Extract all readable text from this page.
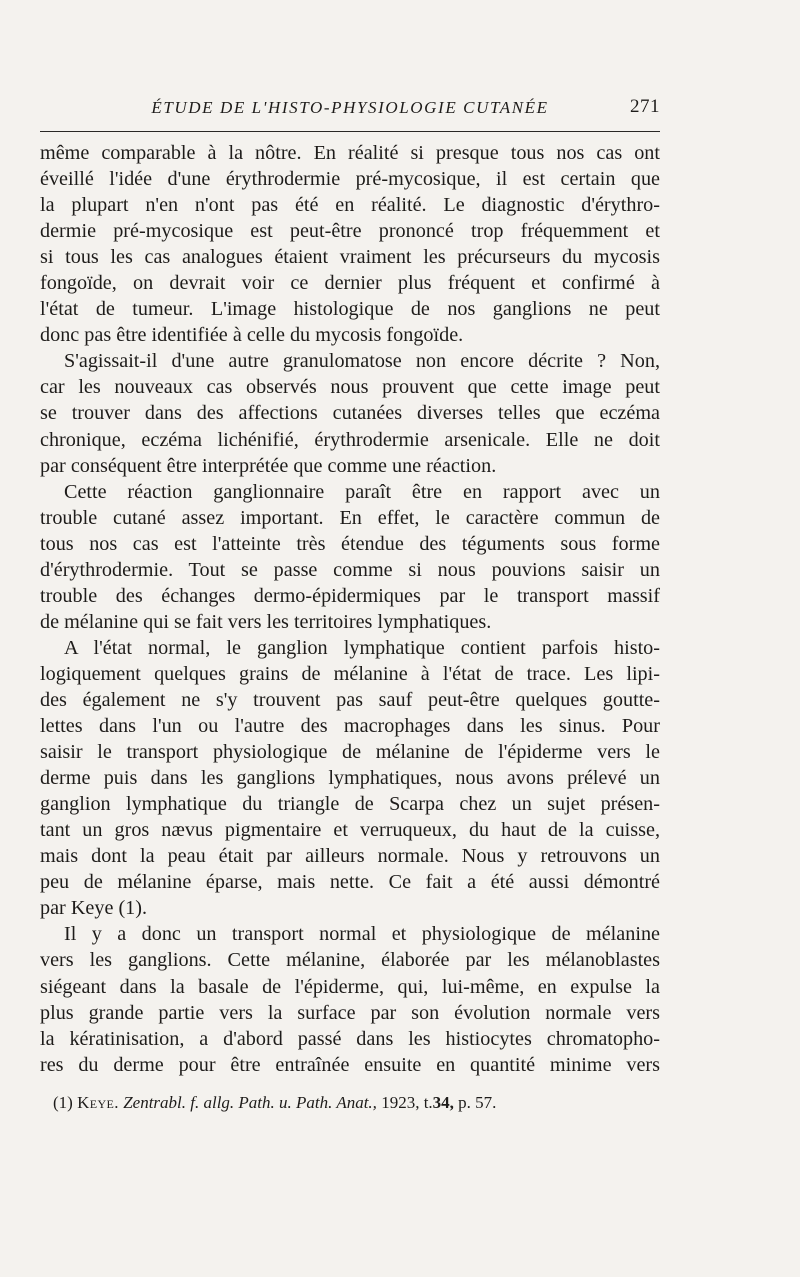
ÉTUDE DE L'HISTO-PHYSIOLOGIE CUTANÉE	271
même comparable à la nôtre. En réalité si presque tous nos cas ont
éveillé l'idée d'une érythrodermie pré-mycosique, il est certain que
la plupart n'en n'ont pas été en réalité. Le diagnostic d'érythro-
dermie pré-mycosique est peut-être prononcé trop fréquemment et
si tous les cas analogues étaient vraiment les précurseurs du mycosis
fongoïde, on devrait voir ce dernier plus fréquent et confirmé à
l'état de tumeur. L'image histologique de nos ganglions ne peut
donc pas être identifiée à celle du mycosis fongoïde.
S'agissait-il d'une autre granulomatose non encore décrite ? Non,
car les nouveaux cas observés nous prouvent que cette image peut
se trouver dans des affections cutanées diverses telles que eczéma
chronique, eczéma lichénifié, érythrodermie arsenicale. Elle ne doit
par conséquent être interprétée que comme une réaction.
Cette réaction ganglionnaire paraît être en rapport avec un
trouble cutané assez important. En effet, le caractère commun de
tous nos cas est l'atteinte très étendue des téguments sous forme
d'érythrodermie. Tout se passe comme si nous pouvions saisir un
trouble des échanges dermo-épidermiques par le transport massif
de mélanine qui se fait vers les territoires lymphatiques.
A l'état normal, le ganglion lymphatique contient parfois histo-
logiquement quelques grains de mélanine à l'état de trace. Les lipi-
des également ne s'y trouvent pas sauf peut-être quelques goutte-
lettes dans l'un ou l'autre des macrophages dans les sinus. Pour
saisir le transport physiologique de mélanine de l'épiderme vers le
derme puis dans les ganglions lymphatiques, nous avons prélevé un
ganglion lymphatique du triangle de Scarpa chez un sujet présen-
tant un gros nævus pigmentaire et verruqueux, du haut de la cuisse,
mais dont la peau était par ailleurs normale. Nous y retrouvons un
peu de mélanine éparse, mais nette. Ce fait a été aussi démontré
par Keye (1).
Il y a donc un transport normal et physiologique de mélanine
vers les ganglions. Cette mélanine, élaborée par les mélanoblastes
siégeant dans la basale de l'épiderme, qui, lui-même, en expulse la
plus grande partie vers la surface par son évolution normale vers
la kératinisation, a d'abord passé dans les histiocytes chromatopho-
res du derme pour être entraînée ensuite en quantité minime vers
(1) Keye. Zentrabl. f. allg. Path. u. Path. Anat., 1923, t.34, p. 57.
